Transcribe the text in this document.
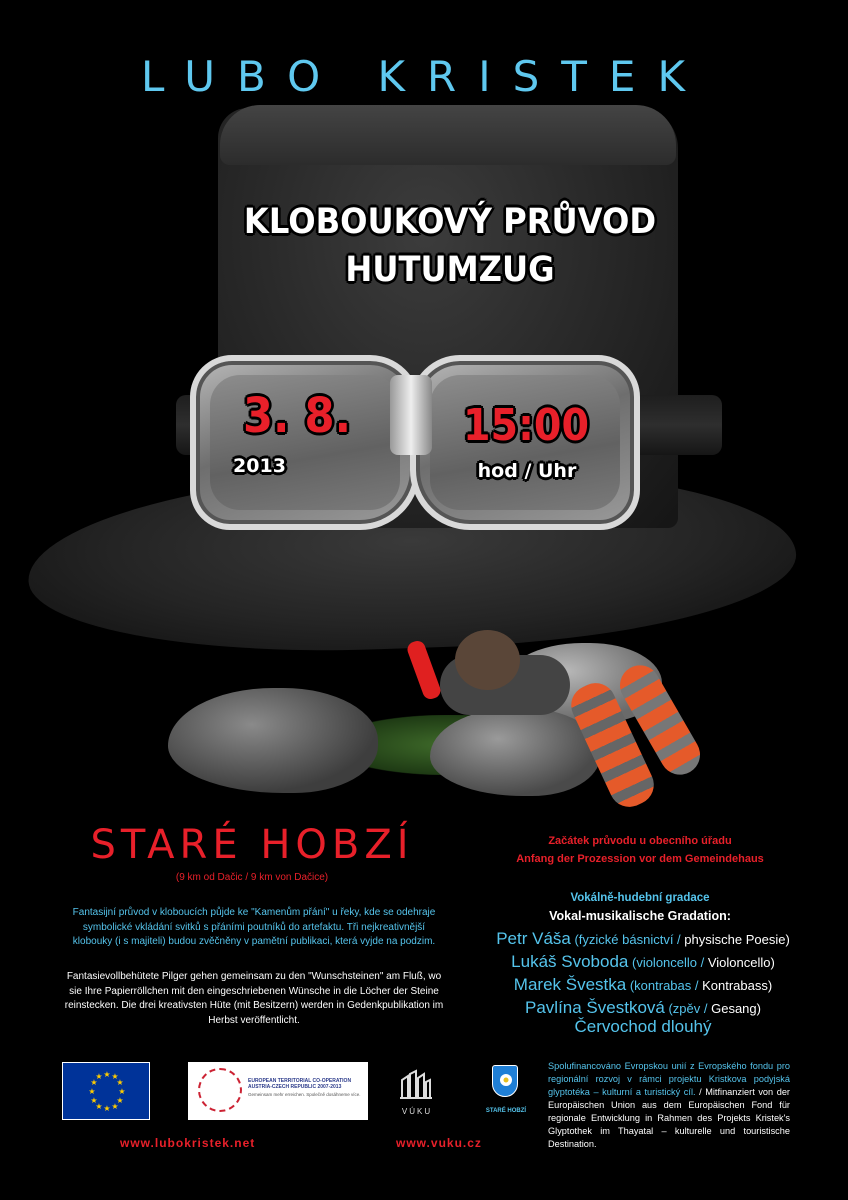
LUBO KRISTEK
KLOBOUKOVÝ PRŮVOD
HUTUMZUG
3. 8.
2013
15:00
hod / Uhr
STARÉ HOBZÍ
(9 km od Dačic / 9 km von Dačice)
Fantasijní průvod v kloboucích půjde ke "Kamenům přání" u řeky, kde se odehraje symbolické vkládání svitků s přáními poutníků do artefaktu. Tři nejkreativnější klobouky (i s majiteli) budou zvěčněny v pamětní publikaci, která vyjde na podzim.
Fantasievollbehütete Pilger gehen gemeinsam zu den "Wunschsteinen" am Fluß, wo sie Ihre Papierröllchen mit den eingeschriebenen Wünsche in die Löcher der Steine reinstecken. Die drei kreativsten Hüte (mit Besitzern) werden in Gedenkpublikation im Herbst veröffentlicht.
Začátek průvodu u obecního úřadu
Anfang der Prozession vor dem Gemeindehaus
Vokálně-hudební gradace
Vokal-musikalische Gradation:
Petr Váša (fyzické básnictví / physische Poesie)
Lukáš Svoboda (violoncello / Violoncello)
Marek Švestka (kontrabas / Kontrabass)
Pavlína Švestková (zpěv / Gesang)
Červochod dlouhý
★ ★
★
★
★
★
★
★
★
★
★
★	EUROPEAN TERRITORIAL CO-OPERATION AUSTRIA-CZECH REPUBLIC 2007-2013
Gemeinsam mehr erreichen. Společně dosáhneme více.
VÚKU	STARÉ HOBZÍ
Spolufinancováno Evropskou unií z Evropského fondu pro regionální rozvoj v rámci projektu Kristkova podyjská glyptotéka – kulturní a turistický cíl. / Mitfinanziert von der Europäischen Union aus dem Europäischen Fond für regionale Entwicklung in Rahmen des Projekts Kristek's Glyptothek im Thayatal – kulturelle und touristische Destination.
www.lubokristek.net	www.vuku.cz
